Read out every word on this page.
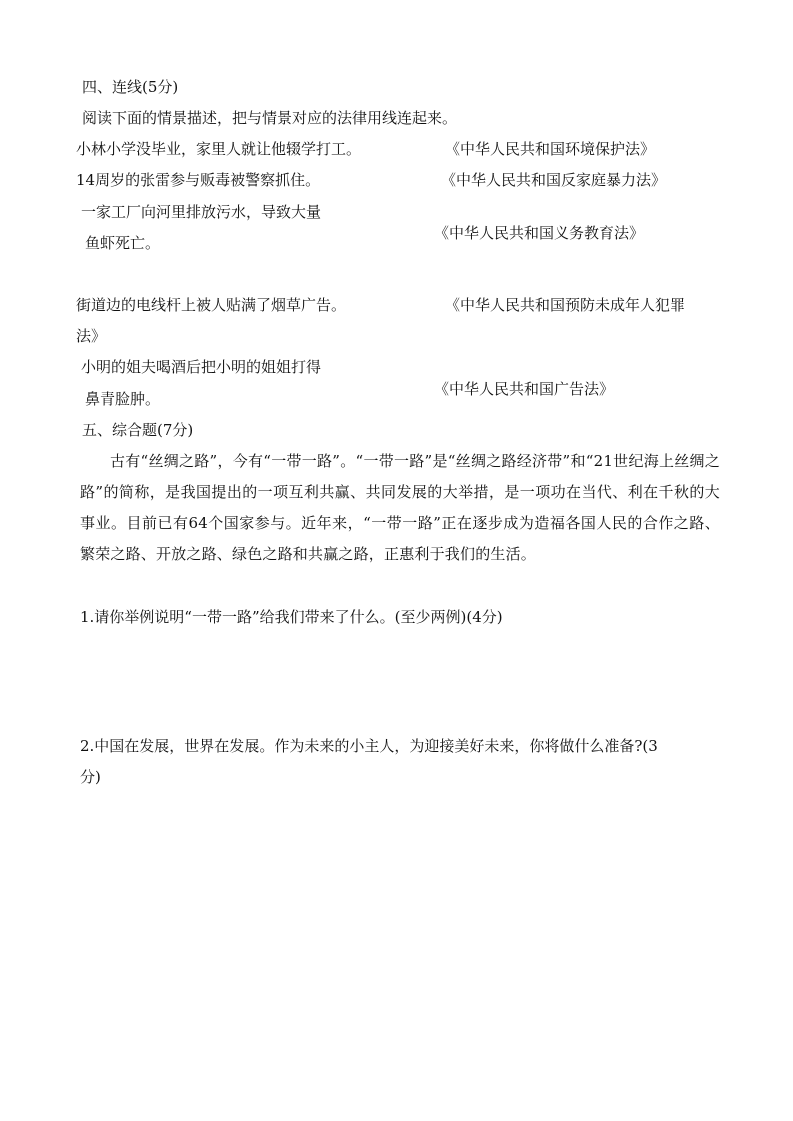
四、连线(5分)
阅读下面的情景描述，把与情景对应的法律用线连起来。
小林小学没毕业，家里人就让他辍学打工。	《中华人民共和国环境保护法》
14周岁的张雷参与贩毒被警察抓住。	《中华人民共和国反家庭暴力法》
一家工厂向河里排放污水，导致大量
鱼虾死亡。
《中华人民共和国义务教育法》
街道边的电线杆上被人贴满了烟草广告。	《中华人民共和国预防未成年人犯罪
法》
小明的姐夫喝酒后把小明的姐姐打得
鼻青脸肿。
《中华人民共和国广告法》
五、综合题(7分)
古有“丝绸之路”，今有“一带一路”。“一带一路”是“丝绸之路经济带”和“21世纪海上丝绸之路”的简称，是我国提出的一项互利共赢、共同发展的大举措，是一项功在当代、利在千秋的大事业。目前已有64个国家参与。近年来，“一带一路”正在逐步成为造福各国人民的合作之路、繁荣之路、开放之路、绿色之路和共赢之路，正惠利于我们的生活。
1.请你举例说明“一带一路”给我们带来了什么。(至少两例)(4分)
2.中国在发展，世界在发展。作为未来的小主人，为迎接美好未来，你将做什么准备?(3
分)
